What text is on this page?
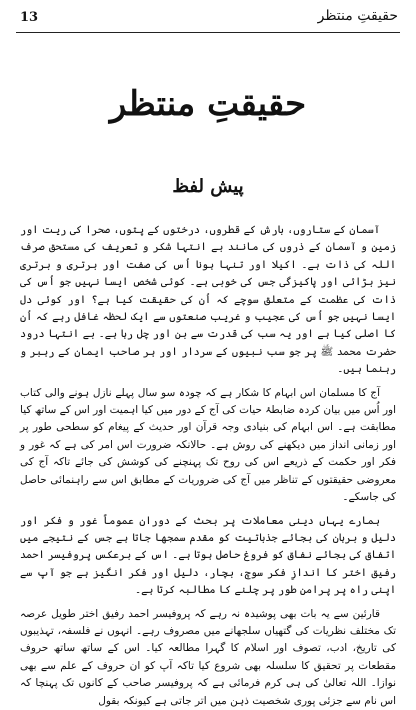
13	حقیقتِ منتظر
حقیقتِ منتظر
پیش لفظ

آسمان کے ستاروں، بارش کے قطروں، درختوں کے پتوں، صحرا کی ریت اور زمین و آسمان کے ذروں کی مانند بے انتہا شکر و تعریف کی مستحق صرف اللہ کی ذات ہے۔ اکیلا اور تنہا ہونا اُس کی صفت اور برتری و برتری نیز بڑائی اور پاکیزگی جس کی خوبی ہے۔ کوئی شخص ایسا نہیں جو اُس کی ذات کی عظمت کے متعلق سوچے کہ اُن کی حقیقت کیا ہے؟ اور کوئی دل ایسا نہیں جو اُس کی عجیب و غریب صنعتوں سے ایک لحظہ غافل رہے کہ اُن کا اصلی کیا ہے اور یہ سب کی قدرت سے بن اور چل رہا ہے۔ بے انتہا درود حضرت محمد ﷺ پر جو سب نبیوں کے سردار اور ہر صاحب ایمان کے رہبر و رہنما ہیں۔

آج کا مسلمان اس ابہام کا شکار ہے کہ چودہ سو سال پہلے نازل ہونے والی کتاب اور اُس میں بیان کردہ ضابطۂ حیات کی آج کے دور میں کیا اہمیت اور اس کے ساتھ کیا مطابقت ہے۔ اس ابہام کی بنیادی وجہ قرآن اور حدیث کے پیغام کو سطحی طور پر اور زمانی انداز میں دیکھنے کی روش ہے۔ حالانکہ ضرورت اس امر کی ہے کہ غور و فکر اور حکمت کے ذریعے اس کی روح تک پہنچنے کی کوشش کی جائے تاکہ آج کی معروضی حقیقتوں کے تناظر میں آج کی ضروریات کے مطابق اس سے راہنمائی حاصل کی جاسکے۔

ہمارے یہاں دینی معاملات پر بحث کے دوران عموماً غور و فکر اور دلیل و برہان کی بجائے جذباتیت کو مقدم سمجھا جاتا ہے جس کے نتیجے میں اتفاق کی بجائے نفاق کو فروغ حاصل ہوتا ہے۔ اس کے برعکس پروفیسر احمد رفیق اختر کا اندازِ فکر سوچ، بچار، دلیل اور فکر انگیز ہے جو آپ سے اپنی راہ پر پرامن طور پر چلنے کا مطالبہ کرتا ہے۔

قارئین سے یہ بات بھی پوشیدہ نہ رہے کہ پروفیسر احمد رفیق اختر طویل عرصہ تک مختلف نظریات کی گتھیاں سلجھانے میں مصروف رہے۔ انہوں نے فلسفہ، تہذیبوں کی تاریخ، ادب، تصوف اور اسلام کا گہرا مطالعہ کیا۔ اس کے ساتھ ساتھ حروف مقطعات پر تحقیق کا سلسلہ بھی شروع کیا تاکہ آپ کو ان حروف کے علم سے بھی نوازا۔ اللہ تعالیٰ کی ہی کرم فرمائی ہے کہ پروفیسر صاحب کے کانوں تک پہنچا کہ اس نام سے جزئی پوری شخصیت ذہن میں اتر جاتی ہے کیونکہ بقول
